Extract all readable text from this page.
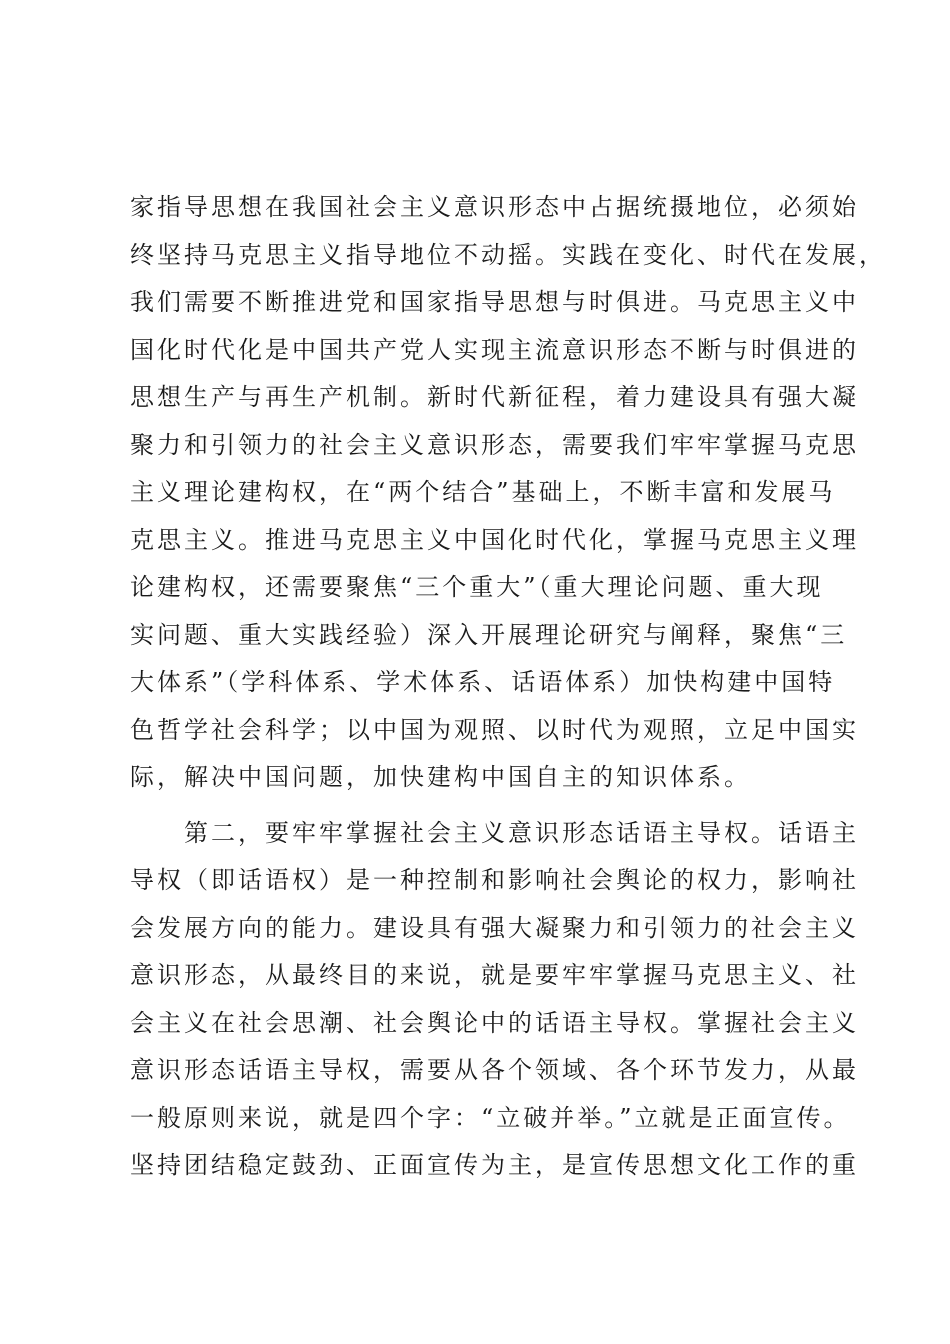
家指导思想在我国社会主义意识形态中占据统摄地位，必须始
终坚持马克思主义指导地位不动摇。实践在变化、时代在发展，
我们需要不断推进党和国家指导思想与时俱进。马克思主义中
国化时代化是中国共产党人实现主流意识形态不断与时俱进的
思想生产与再生产机制。新时代新征程，着力建设具有强大凝
聚力和引领力的社会主义意识形态，需要我们牢牢掌握马克思
主义理论建构权，在“两个结合”基础上，不断丰富和发展马
克思主义。推进马克思主义中国化时代化，掌握马克思主义理
论建构权，还需要聚焦“三个重大”（重大理论问题、重大现
实问题、重大实践经验）深入开展理论研究与阐释，聚焦“三
大体系”（学科体系、学术体系、话语体系）加快构建中国特
色哲学社会科学；以中国为观照、以时代为观照，立足中国实
际，解决中国问题，加快建构中国自主的知识体系。
　　第二，要牢牢掌握社会主义意识形态话语主导权。话语主
导权（即话语权）是一种控制和影响社会舆论的权力，影响社
会发展方向的能力。建设具有强大凝聚力和引领力的社会主义
意识形态，从最终目的来说，就是要牢牢掌握马克思主义、社
会主义在社会思潮、社会舆论中的话语主导权。掌握社会主义
意识形态话语主导权，需要从各个领域、各个环节发力，从最
一般原则来说，就是四个字：“立破并举。”立就是正面宣传。
坚持团结稳定鼓劲、正面宣传为主，是宣传思想文化工作的重
